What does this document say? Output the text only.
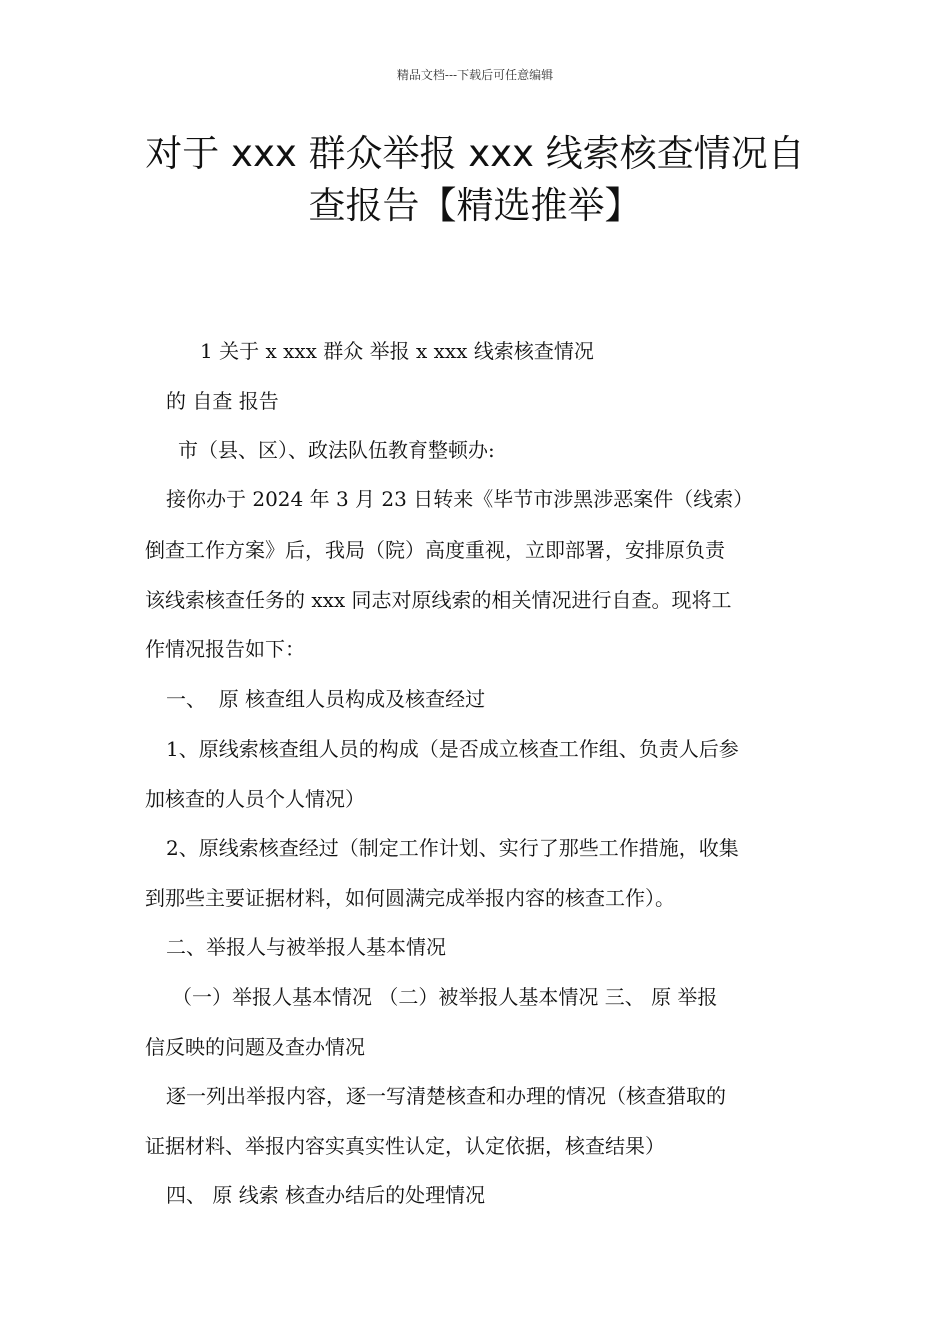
精品文档---下载后可任意编辑
对于 xxx 群众举报 xxx 线索核查情况自
查报告【精选推举】
1 关于 x xxx 群众 举报 x xxx 线索核查情况
的 自查 报告
市（县、区）、政法队伍教育整顿办:
接你办于 2024 年 3 月 23 日转来《毕节市涉黑涉恶案件（线索）
倒查工作方案》后，我局（院）高度重视，立即部署，安排原负责
该线索核查任务的 xxx 同志对原线索的相关情况进行自查。现将工
作情况报告如下：
一、  原 核查组人员构成及核查经过
1、原线索核查组人员的构成（是否成立核查工作组、负责人后参
加核查的人员个人情况）
2、原线索核查经过（制定工作计划、实行了那些工作措施，收集
到那些主要证据材料，如何圆满完成举报内容的核查工作）。
二、举报人与被举报人基本情况
（一）举报人基本情况 （二）被举报人基本情况 三、 原 举报
信反映的问题及查办情况
逐一列出举报内容，逐一写清楚核查和办理的情况（核查猎取的
证据材料、举报内容实真实性认定，认定依据，核查结果）
四、 原 线索 核查办结后的处理情况
